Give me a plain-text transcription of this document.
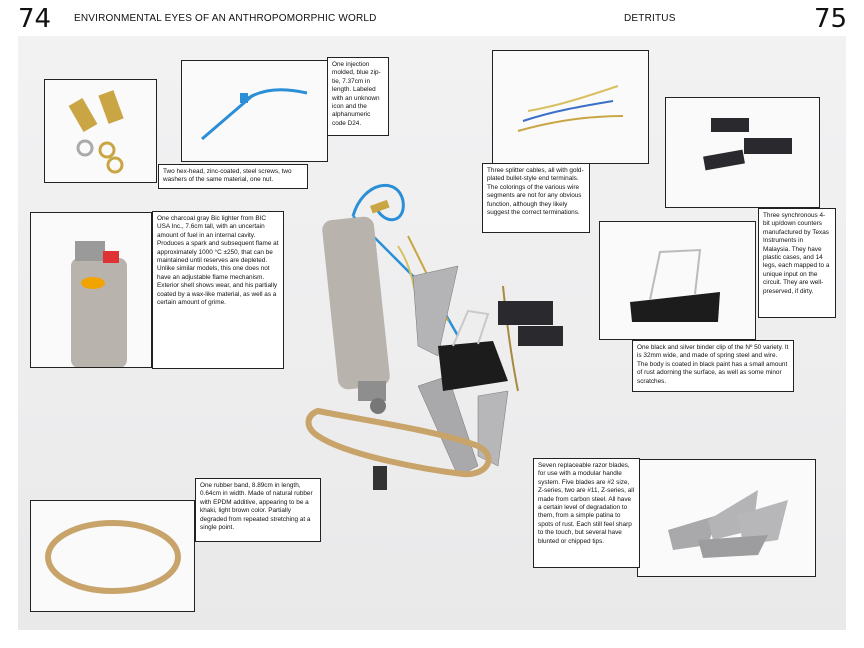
74 ENVIRONMENTAL EYES OF AN ANTHROPOMORPHIC WORLD	DETRITUS	75
One injection molded, blue zip-tie, 7.37cm in length. Labeled with an unknown icon and the alphanumeric code D24.
Two hex-head, zinc-coated, steel screws, two washers of the same material, one nut.
Three splitter cables, all with gold-plated bullet-style end terminals. The colorings of the various wire segments are not for any obvious function, although they likely suggest the correct terminations.	Three synchronous 4-bit up/down counters manufactured by Texas Instruments in Malaysia. They have plastic cases, and 14 legs, each mapped to a unique input on the circuit. They are well-preserved, if dirty.
One charcoal gray Bic lighter from BIC USA Inc., 7.6cm tall, with an uncertain amount of fuel in an internal cavity. Produces a spark and subsequent flame at approximately 1000 °C ±250, that can be maintained until reserves are depleted. Unlike similar models, this one does not have an adjustable flame mechanism. Exterior shell shows wear, and his partially coated by a wax-like material, as well as a certain amount of grime.
One black and silver binder clip of the Nº 50 variety. It is 32mm wide, and made of spring steel and wire. The body is coated in black paint has a small amount of rust adorning the surface, as well as some minor scratches.
Seven replaceable razor blades, for use with a modular handle system. Five blades are #2 size, Z-series, two are #11, Z-series, all made from carbon steel. All have a certain level of degradation to them, from a simple patina to spots of rust. Each still feel sharp to the touch, but several have blunted or chipped tips.
One rubber band, 8.89cm in length, 0.64cm in width. Made of natural rubber with EPDM additive, appearing to be a khaki, light brown color. Partially degraded from repeated stretching at a single point.
